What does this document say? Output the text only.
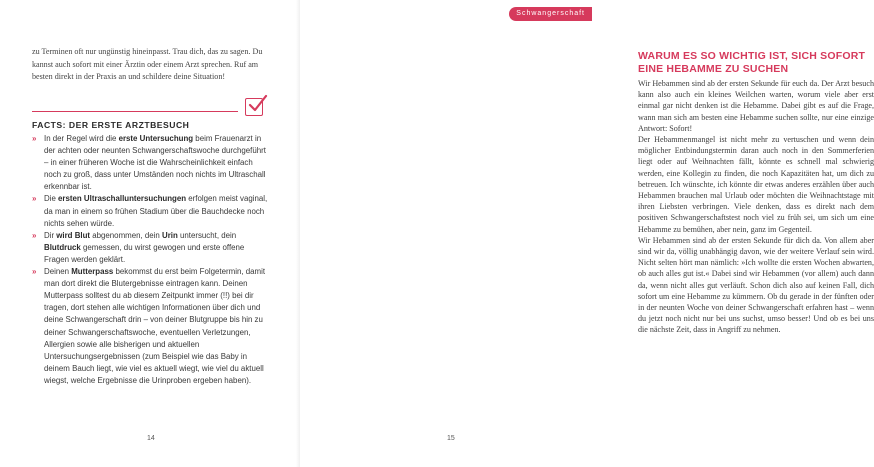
zu Terminen oft nur ungünstig hineinpasst. Trau dich, das zu sagen. Du kannst auch sofort mit einer Ärztin oder einem Arzt sprechen. Ruf am besten direkt in der Praxis an und schildere deine Situation!

FACTS: DER ERSTE ARZTBESUCH
» In der Regel wird die erste Untersuchung beim Frauenarzt in der achten oder neunten Schwangerschaftswoche durchgeführt – in einer früheren Woche ist die Wahrscheinlichkeit einfach noch zu groß, dass unter Umständen noch nichts im Ultraschall erkennbar ist.
» Die ersten Ultraschalluntersuchungen erfolgen meist vaginal, da man in einem so frühen Stadium über die Bauchdecke noch nichts sehen würde.
» Dir wird Blut abgenommen, dein Urin untersucht, dein Blutdruck gemessen, du wirst gewogen und erste offene Fragen werden geklärt.
» Deinen Mutterpass bekommst du erst beim Folgetermin, damit man dort direkt die Blutergebnisse eintragen kann. Deinen Mutterpass solltest du ab diesem Zeitpunkt immer (!!) bei dir tragen, dort stehen alle wichtigen Informationen über dich und deine Schwangerschaft drin – von deiner Blutgruppe bis hin zu deiner Schwangerschaftswoche, eventuellen Verletzungen, Allergien sowie alle bisherigen und aktuellen Untersuchungsergebnissen (zum Beispiel wie das Baby in deinem Bauch liegt, wie viel es aktuell wiegt, wie viel du aktuell wiegst, welche Ergebnisse die Urinproben ergeben haben).
14
Schwangerschaft
WARUM ES SO WICHTIG IST, SICH SOFORT EINE HEBAMME ZU SUCHEN

Wir Hebammen sind ab der ersten Sekunde für euch da. Der Arzt besuch kann also auch ein kleines Weilchen warten, worum viele aber erst einmal gar nicht denken ist die Hebamme. Dabei gibt es auf die Frage, wann man sich am besten eine Hebamme suchen sollte, nur eine einzige Antwort: Sofort!

Der Hebammenmangel ist nicht mehr zu vertuschen und wenn dein möglicher Entbindungstermin daran auch noch in den Sommerferien liegt oder auf Weihnachten fällt, könnte es schnell mal schwierig werden, eine Kollegin zu finden, die noch Kapazitäten hat, um dich zu betreuen. Ich wünschte, ich könnte dir etwas anderes erzählen über auch Hebammen brauchen mal Urlaub oder möchten die Weihnachtstage mit ihren Liebsten verbringen. Viele denken, dass es direkt nach dem positiven Schwangerschaftstest noch viel zu früh sei, um sich um eine Hebamme zu bemühen, aber nein, ganz im Gegenteil.

Wir Hebammen sind ab der ersten Sekunde für dich da. Von allem aber sind wir da, völlig unabhängig davon, wie der weitere Verlauf sein wird. Nicht selten hört man nämlich: »Ich wollte die ersten Wochen abwarten, ob auch alles gut ist.« Dabei sind wir Hebammen (vor allem) auch dann da, wenn nicht alles gut verläuft. Schon dich also auf keinen Fall, dich sofort um eine Hebamme zu kümmern. Ob du gerade in der fünften oder in der neunten Woche von deiner Schwangerschaft erfahren hast – wenn du jetzt noch nicht nur bei uns suchst, umso besser! Und ob es bei uns die nächste Zeit, dass in Angriff zu nehmen.

15
